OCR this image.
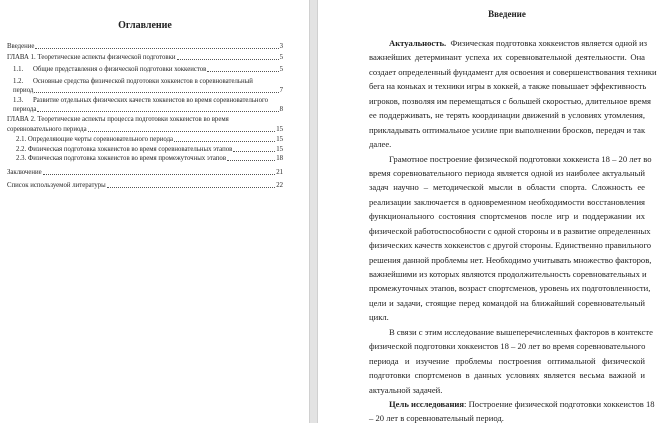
Оглавление
Введение	3
ГЛАВА 1. Теоретические аспекты физической подготовки	5
1.1.	Общие представления о физической подготовки хоккеистов	5
1.2. Основные средства физической подготовки хоккеистов в соревновательный
период	7
1.3. Развитие отдельных физических качеств хоккеистов во время соревновательного
периода	8
ГЛАВА 2. Теоретические аспекты процесса подготовки хоккеистов во время
соревновательного периода	15
2.1. Определяющие черты соревновательного периода	15
2.2. Физическая подготовка хоккеистов во время соревновательных этапов	15
2.3. Физическая подготовка хоккеистов во время промежуточных этапов	18
Заключение	21
Список используемой литературы	22
Введение
Актуальность. Физическая подготовка хоккеистов является одной из
важнейших детерминант успеха их соревновательной деятельности. Она
создает определенный фундамент для освоения и совершенствования техники
бега на коньках и техники игры в хоккей, а также повышает эффективность
игроков, позволяя им перемещаться с большей скоростью, длительное время
ее поддерживать, не терять координации движений в условиях утомления,
прикладывать оптимальное усилие при выполнении бросков, передач и так
далее.
Грамотное построение физической подготовки хоккеиста 18 – 20 лет во
время соревновательного периода является одной из наиболее актуальный
задач научно – методической мысли в области спорта. Сложность ее
реализации заключается в одновременном необходимости восстановления
функционального состояния спортсменов после игр и поддержании их
физической работоспособности с одной стороны и в развитие определенных
физических качеств хоккеистов с другой стороны. Единственно правильного
решения данной проблемы нет. Необходимо учитывать множество факторов,
важнейшими из которых являются продолжительность соревновательных и
промежуточных этапов, возраст спортсменов, уровень их подготовленности,
цели и задачи, стоящие перед командой на ближайший соревновательный
цикл.
В связи с этим исследование вышеперечисленных факторов в контексте
физической подготовки хоккеистов 18 – 20 лет во время соревновательного
периода и изучение проблемы построения оптимальной физической
подготовки спортсменов в данных условиях является весьма важной и
актуальной задачей.
Цель исследования: Построение физической подготовки хоккеистов 18
– 20 лет в соревновательный период.
